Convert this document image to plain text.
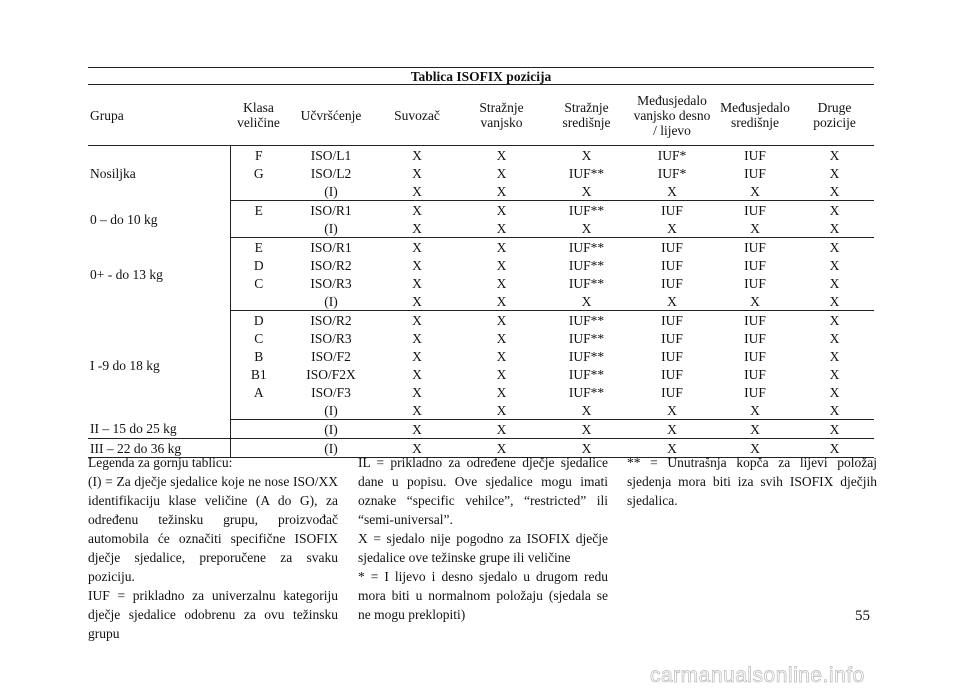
Tablica ISOFIX pozicija								
Grupa	Klasa veličine	Učvršćenje	Suvozač	Stražnje vanjsko	Stražnje središnje	Međusjedalo vanjsko desno / lijevo	Međusjedalo središnje	Druge pozicije
Nosiljka	F	ISO/L1	X	X	X	IUF*	IUF	X
	G	ISO/L2	X	X	IUF**	IUF*	IUF	X
		(I)	X	X	X	X	X	X
0 – do 10 kg	E	ISO/R1	X	X	IUF**	IUF	IUF	X
		(I)	X	X	X	X	X	X
0+ - do 13 kg	E	ISO/R1	X	X	IUF**	IUF	IUF	X
	D	ISO/R2	X	X	IUF**	IUF	IUF	X
	C	ISO/R3	X	X	IUF**	IUF	IUF	X
		(I)	X	X	X	X	X	X
I -9 do 18 kg	D	ISO/R2	X	X	IUF**	IUF	IUF	X
	C	ISO/R3	X	X	IUF**	IUF	IUF	X
	B	ISO/F2	X	X	IUF**	IUF	IUF	X
	B1	ISO/F2X	X	X	IUF**	IUF	IUF	X
	A	ISO/F3	X	X	IUF**	IUF	IUF	X
		(I)	X	X	X	X	X	X
II – 15 do 25 kg		(I)	X	X	X	X	X	X
III – 22 do 36 kg		(I)	X	X	X	X	X	X

Legenda za gornju tablicu:

(I) = Za dječje sjedalice koje ne nose ISO/XX identifikaciju klase veličine (A do G), za određenu težinsku grupu, proizvođač automobila će označiti specifične ISOFIX dječje sjedalice, preporučene za svaku poziciju.

IUF = prikladno za univerzalnu kategoriju dječje sjedalice odobrenu za ovu težinsku grupu

IL = prikladno za određene dječje sjedalice dane u popisu. Ove sjedalice mogu imati oznake “specific vehilce”, “restricted” ili “semi-universal”.

X = sjedalo nije pogodno za ISOFIX dječje sjedalice ove težinske grupe ili veličine

* = I lijevo i desno sjedalo u drugom redu mora biti u normalnom položaju (sjedala se ne mogu preklopiti)

** = Unutrašnja kopča za lijevi položaj sjedenja mora biti iza svih ISOFIX dječjih sjedalica.

55
carmanualsonline.info
